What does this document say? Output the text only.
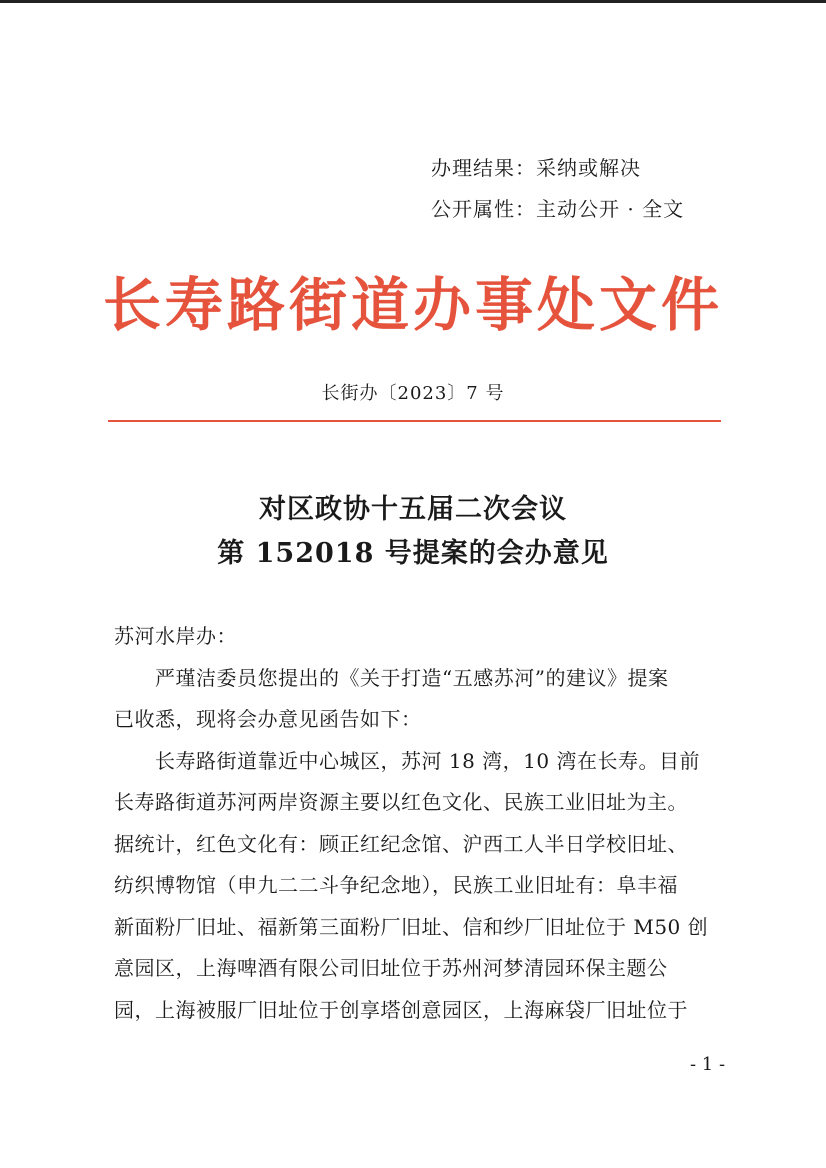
办理结果：采纳或解决
公开属性：主动公开 · 全文
长寿路街道办事处文件
长街办〔2023〕7 号
对区政协十五届二次会议
第 152018 号提案的会办意见

苏河水岸办：

　　严瑾洁委员您提出的《关于打造“五感苏河”的建议》提案

已收悉，现将会办意见函告如下：

　　长寿路街道靠近中心城区，苏河 18 湾，10 湾在长寿。目前

长寿路街道苏河两岸资源主要以红色文化、民族工业旧址为主。

据统计，红色文化有：顾正红纪念馆、沪西工人半日学校旧址、

纺织博物馆（申九二二斗争纪念地），民族工业旧址有：阜丰福

新面粉厂旧址、福新第三面粉厂旧址、信和纱厂旧址位于 M50 创

意园区，上海啤酒有限公司旧址位于苏州河梦清园环保主题公

园，上海被服厂旧址位于创享塔创意园区，上海麻袋厂旧址位于

- 1 -
